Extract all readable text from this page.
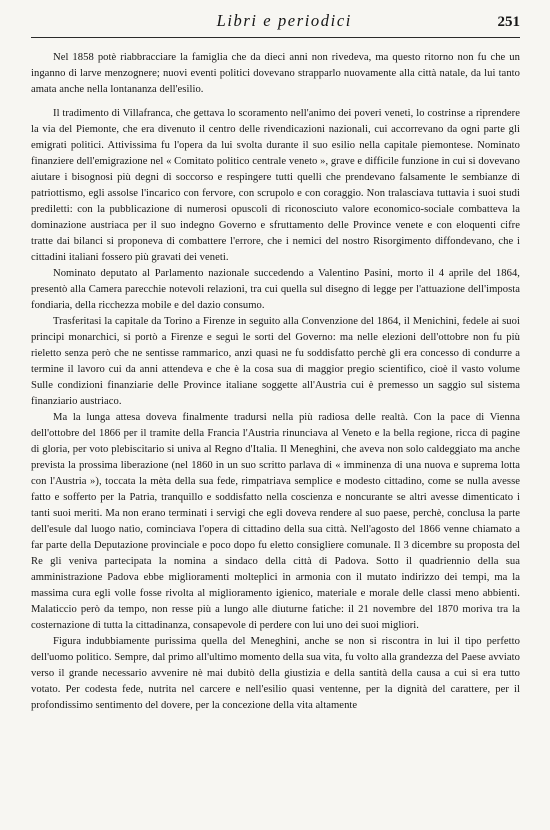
Libri e periodici	251

Nel 1858 potè riabbracciare la famiglia che da dieci anni non rivedeva, ma questo ritorno non fu che un inganno di larve menzognere; nuovi eventi politici dovevano strapparlo nuovamente alla città natale, da lui tanto amata anche nella lontananza dell'esilio.

Il tradimento di Villafranca, che gettava lo scoramento nell'animo dei poveri veneti, lo costrinse a riprendere la via del Piemonte, che era divenuto il centro delle rivendicazioni nazionali, cui accorrevano da ogni parte gli emigrati politici. Attivissima fu l'opera da lui svolta durante il suo esilio nella capitale piemontese. Nominato finanziere dell'emigrazione nel « Comitato politico centrale veneto », grave e difficile funzione in cui si dovevano aiutare i bisognosi più degni di soccorso e respingere tutti quelli che prendevano falsamente le sembianze di patriottismo, egli assolse l'incarico con fervore, con scrupolo e con coraggio. Non tralasciava tuttavia i suoi studi prediletti: con la pubblicazione di numerosi opuscoli di riconosciuto valore economico-sociale combatteva la dominazione austriaca per il suo indegno Governo e sfruttamento delle Province venete e con eloquenti cifre tratte dai bilanci si proponeva di combattere l'errore, che i nemici del nostro Risorgimento diffondevano, che i cittadini italiani fossero più gravati dei veneti.

Nominato deputato al Parlamento nazionale succedendo a Valentino Pasini, morto il 4 aprile del 1864, presentò alla Camera parecchie notevoli relazioni, tra cui quella sul disegno di legge per l'attuazione dell'imposta fondiaria, della ricchezza mobile e del dazio consumo.

Trasferitasi la capitale da Torino a Firenze in seguito alla Convenzione del 1864, il Menichini, fedele ai suoi principi monarchici, si portò a Firenze e seguì le sorti del Governo: ma nelle elezioni dell'ottobre non fu più rieletto senza però che ne sentisse rammarico, anzi quasi ne fu soddisfatto perchè gli era concesso di condurre a termine il lavoro cui da anni attendeva e che è la cosa sua di maggior pregio scientifico, cioè il vasto volume Sulle condizioni finanziarie delle Province italiane soggette all'Austria cui è premesso un saggio sul sistema finanziario austriaco.

Ma la lunga attesa doveva finalmente tradursi nella più radiosa delle realtà. Con la pace di Vienna dell'ottobre del 1866 per il tramite della Francia l'Austria rinunciava al Veneto e la bella regione, ricca di pagine di gloria, per voto plebiscitario si univa al Regno d'Italia. Il Meneghini, che aveva non solo caldeggiato ma anche prevista la prossima liberazione (nel 1860 in un suo scritto parlava di « imminenza di una nuova e suprema lotta con l'Austria »), toccata la mèta della sua fede, rimpatriava semplice e modesto cittadino, come se nulla avesse fatto e sofferto per la Patria, tranquillo e soddisfatto nella coscienza e noncurante se altri avesse dimenticato i tanti suoi meriti. Ma non erano terminati i servigi che egli doveva rendere al suo paese, perchè, conclusa la parte dell'esule dal luogo natìo, cominciava l'opera di cittadino della sua città. Nell'agosto del 1866 venne chiamato a far parte della Deputazione provinciale e poco dopo fu eletto consigliere comunale. Il 3 dicembre su proposta del Re gli veniva partecipata la nomina a sindaco della città di Padova. Sotto il quadriennio della sua amministrazione Padova ebbe miglioramenti molteplici in armonia con il mutato indirizzo dei tempi, ma la massima cura egli volle fosse rivolta al miglioramento igienico, materiale e morale delle classi meno abbienti. Malaticcio però da tempo, non resse più a lungo alle diuturne fatiche: il 21 novembre del 1870 moriva tra la costernazione di tutta la cittadinanza, consapevole di perdere con lui uno dei suoi migliori.

Figura indubbiamente purissima quella del Meneghini, anche se non si riscontra in lui il tipo perfetto dell'uomo politico. Sempre, dal primo all'ultimo momento della sua vita, fu volto alla grandezza del Paese avviato verso il grande necessario avvenire nè mai dubitò della giustizia e della santità della causa a cui si era tutto votato. Per codesta fede, nutrita nel carcere e nell'esilio quasi ventenne, per la dignità del carattere, per il profondissimo sentimento del dovere, per la concezione della vita altamente
